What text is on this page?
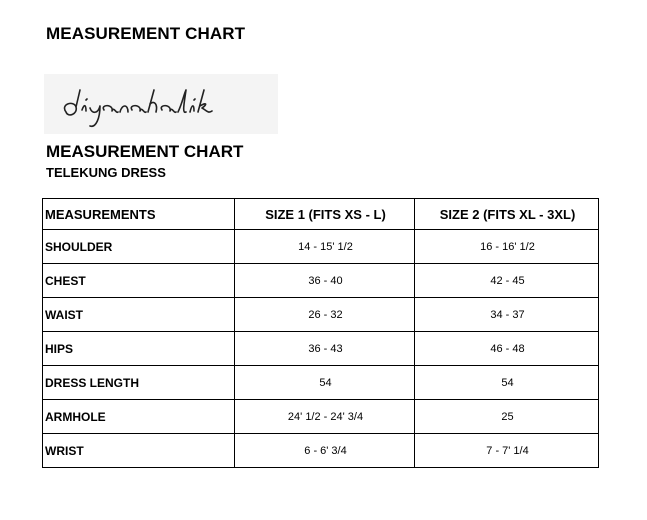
MEASUREMENT CHART
MEASUREMENT CHART
TELEKUNG DRESS
MEASUREMENTS	SIZE 1 (FITS XS - L)	SIZE 2 (FITS XL - 3XL)
SHOULDER	14 - 15' 1/2	16 - 16' 1/2
CHEST	36 - 40	42 - 45
WAIST	26 - 32	34 - 37
HIPS	36 - 43	46 - 48
DRESS LENGTH	54	54
ARMHOLE	24' 1/2 - 24' 3/4	25
WRIST	6 - 6' 3/4	7 - 7' 1/4
